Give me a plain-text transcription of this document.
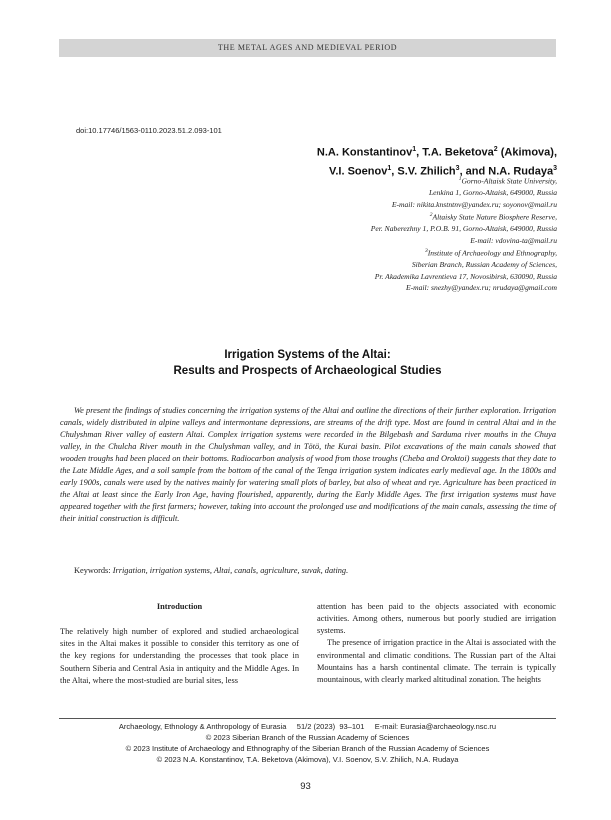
THE METAL AGES AND MEDIEVAL PERIOD
doi:10.17746/1563-0110.2023.51.2.093-101
N.A. Konstantinov$^1$, T.A. Beketova$^2$ (Akimova),
V.I. Soenov$^1$, S.V. Zhilich$^3$, and N.A. Rudaya$^3$
$^1$Gorno-Altaisk State University,
Lenkina 1, Gorno-Altaisk, 649000, Russia
E-mail: nikita.knstntnv@yandex.ru; soyonov@mail.ru
$^2$Altaisky State Nature Biosphere Reserve,
Per. Naberezhny 1, P.O.B. 91, Gorno-Altaisk, 649000, Russia
E-mail: vdovina-ta@mail.ru
$^3$Institute of Archaeology and Ethnography,
Siberian Branch, Russian Academy of Sciences,
Pr. Akademika Lavrentieva 17, Novosibirsk, 630090, Russia
E-mail: snezhy@yandex.ru; nrudaya@gmail.com
Irrigation Systems of the Altai:
Results and Prospects of Archaeological Studies

We present the findings of studies concerning the irrigation systems of the Altai and outline the directions of their further exploration. Irrigation canals, widely distributed in alpine valleys and intermontane depressions, are streams of the drift type. Most are found in central Altai and in the Chulyshman River valley of eastern Altai. Complex irrigation systems were recorded in the Bilgebash and Sarduma river mouths in the Chuya valley, in the Chulcha River mouth in the Chulyshman valley, and in Tötö, the Kurai basin. Pilot excavations of the main canals showed that wooden troughs had been placed on their bottoms. Radiocarbon analysis of wood from those troughs (Cheba and Oroktoi) suggests that they date to the Late Middle Ages, and a soil sample from the bottom of the canal of the Tenga irrigation system indicates early medieval age. In the 1800s and early 1900s, canals were used by the natives mainly for watering small plots of barley, but also of wheat and rye. Agriculture has been practiced in the Altai at least since the Early Iron Age, having flourished, apparently, during the Early Middle Ages. The first irrigation systems must have appeared together with the first farmers; however, taking into account the prolonged use and modifications of the main canals, assessing the time of their initial construction is difficult.

Keywords: Irrigation, irrigation systems, Altai, canals, agriculture, suvak, dating.
Introduction

The relatively high number of explored and studied archaeological sites in the Altai makes it possible to consider this territory as one of the key regions for understanding the processes that took place in Southern Siberia and Central Asia in antiquity and the Middle Ages. In the Altai, where the most-studied are burial sites, less

attention has been paid to the objects associated with economic activities. Among others, numerous but poorly studied are irrigation systems.

The presence of irrigation practice in the Altai is associated with the environmental and climatic conditions. The Russian part of the Altai Mountains has a harsh continental climate. The terrain is typically mountainous, with clearly marked altitudinal zonation. The heights

Archaeology, Ethnology & Anthropology of Eurasia     51/2 (2023)  93–101     E-mail: Eurasia@archaeology.nsc.ru
© 2023 Siberian Branch of the Russian Academy of Sciences
© 2023 Institute of Archaeology and Ethnography of the Siberian Branch of the Russian Academy of Sciences
© 2023 N.A. Konstantinov, T.A. Beketova (Akimova), V.I. Soenov, S.V. Zhilich, N.A. Rudaya
93
